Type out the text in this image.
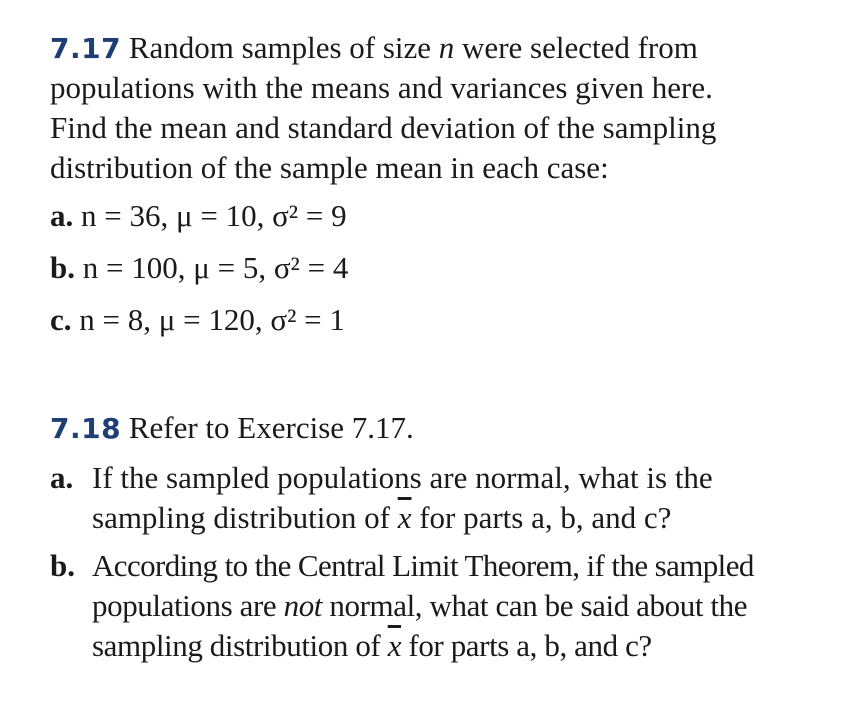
7.17 Random samples of size n were selected from
populations with the means and variances given here.
Find the mean and standard deviation of the sampling
distribution of the sample mean in each case:
a. n = 36, μ = 10, σ² = 9
b. n = 100, μ = 5, σ² = 4
c. n = 8, μ = 120, σ² = 1
7.18 Refer to Exercise 7.17.
a. If the sampled populations are normal, what is the
sampling distribution of $\overline{x}$ for parts a, b, and c?
b. According to the Central Limit Theorem, if the sampled
populations are not normal, what can be said about the
sampling distribution of $\overline{x}$ for parts a, b, and c?
